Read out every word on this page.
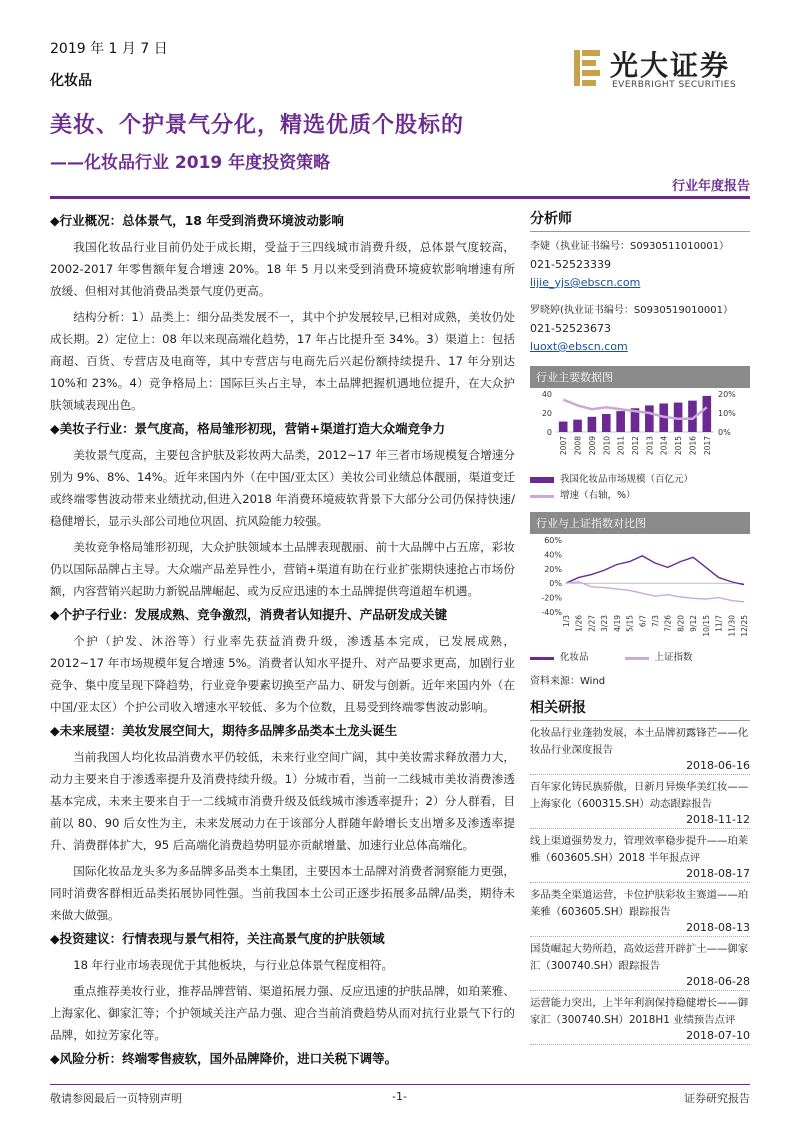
2019 年 1 月 7 日
化妆品
美妆、个护景气分化，精选优质个股标的
——化妆品行业 2019 年度投资策略
光大证券
EVERBRIGHT SECURITIES
行业年度报告
◆行业概况：总体景气，18 年受到消费环境波动影响

我国化妆品行业目前仍处于成长期，受益于三四线城市消费升级，总体景气度较高，2002-2017 年零售额年复合增速 20%。18 年 5 月以来受到消费环境疲软影响增速有所放缓、但相对其他消费品类景气度仍更高。

结构分析：1）品类上：细分品类发展不一，其中个护发展较早,已相对成熟，美妆仍处成长期。2）定位上：08 年以来现高端化趋势，17 年占比提升至 34%。3）渠道上：包括商超、百货、专营店及电商等，其中专营店与电商先后兴起份额持续提升、17 年分别达 10%和 23%。4）竞争格局上：国际巨头占主导，本土品牌把握机遇地位提升，在大众护肤领域表现出色。

◆美妆子行业：景气度高，格局雏形初现，营销+渠道打造大众端竞争力

美妆景气度高，主要包含护肤及彩妆两大品类，2012~17 年三者市场规模复合增速分别为 9%、8%、14%。近年来国内外（在中国/亚太区）美妆公司业绩总体靓丽，渠道变迁或终端零售波动带来业绩扰动,但进入2018 年消费环境疲软背景下大部分公司仍保持快速/稳健增长，显示头部公司地位巩固、抗风险能力较强。

美妆竞争格局雏形初现，大众护肤领域本土品牌表现靓丽、前十大品牌中占五席，彩妆仍以国际品牌占主导。大众端产品差异性小，营销+渠道有助在行业扩张期快速抢占市场份额，内容营销兴起助力新锐品牌崛起、或为反应迅速的本土品牌提供弯道超车机遇。

◆个护子行业：发展成熟、竞争激烈，消费者认知提升、产品研发成关键

个护（护发、沐浴等）行业率先获益消费升级，渗透基本完成，已发展成熟，2012~17 年市场规模年复合增速 5%。消费者认知水平提升、对产品要求更高，加剧行业竞争、集中度呈现下降趋势，行业竞争要素切换至产品力、研发与创新。近年来国内外（在中国/亚太区）个护公司收入增速水平较低、多为个位数，且易受到终端零售波动影响。

◆未来展望：美妆发展空间大，期待多品牌多品类本土龙头诞生

当前我国人均化妆品消费水平仍较低，未来行业空间广阔，其中美妆需求释放潜力大，动力主要来自于渗透率提升及消费持续升级。1）分城市看，当前一二线城市美妆消费渗透基本完成，未来主要来自于一二线城市消费升级及低线城市渗透率提升；2）分人群看，目前以 80、90 后女性为主，未来发展动力在于该部分人群随年龄增长支出增多及渗透率提升、消费群体扩大，95 后高端化消费趋势明显亦贡献增量、加速行业总体高端化。

国际化妆品龙头多为多品牌多品类本土集团，主要因本土品牌对消费者洞察能力更强，同时消费客群相近品类拓展协同性强。当前我国本土公司正逐步拓展多品牌/品类，期待未来做大做强。

◆投资建议：行情表现与景气相符，关注高景气度的护肤领域

18 年行业市场表现优于其他板块，与行业总体景气程度相符。

重点推荐美妆行业，推荐品牌营销、渠道拓展力强、反应迅速的护肤品牌，如珀莱雅、上海家化、御家汇等；个护领域关注产品力强、迎合当前消费趋势从而对抗行业景气下行的品牌，如拉芳家化等。

◆风险分析：终端零售疲软，国外品牌降价，进口关税下调等。
分析师
李婕（执业证书编号：S0930511010001）
021-52523339
lijie_yjs@ebscn.com
罗晓婷(执业证书编号：S0930519010001）
021-52523673
luoxt@ebscn.com
行业主要数据图
40
20
0
20%
10%
0%
2007 2008 2009 2010 2011 2012 2013 2014 2015 2016 2017
我国化妆品市场规模（百亿元）
增速（右轴，%）
行业与上证指数对比图
60%
40%
20%
0%
-20%
-40%
1/3 1/26 2/27 3/23 4/19 5/15 6/7 7/3 7/26 8/20 9/12 10/15 11/7 11/30 12/25
化妆品	上证指数
资料来源：Wind
相关研报
化妆品行业蓬勃发展，本土品牌初露锋芒——化妆品行业深度报告
2018-06-16
百年家化铸民族骄傲，日新月异焕华美红妆——上海家化（600315.SH）动态跟踪报告
2018-11-12
线上渠道强势发力，管理效率稳步提升——珀莱雅（603605.SH）2018 半年报点评
2018-08-17
多品类全渠道运营，卡位护肤彩妆主赛道——珀莱雅（603605.SH）跟踪报告
2018-08-13
国货崛起大势所趋，高效运营开辟扩土——御家汇（300740.SH）跟踪报告
2018-06-28
运营能力突出，上半年利润保持稳健增长——御家汇（300740.SH）2018H1 业绩预告点评
2018-07-10
敬请参阅最后一页特别声明	-1-	证券研究报告
